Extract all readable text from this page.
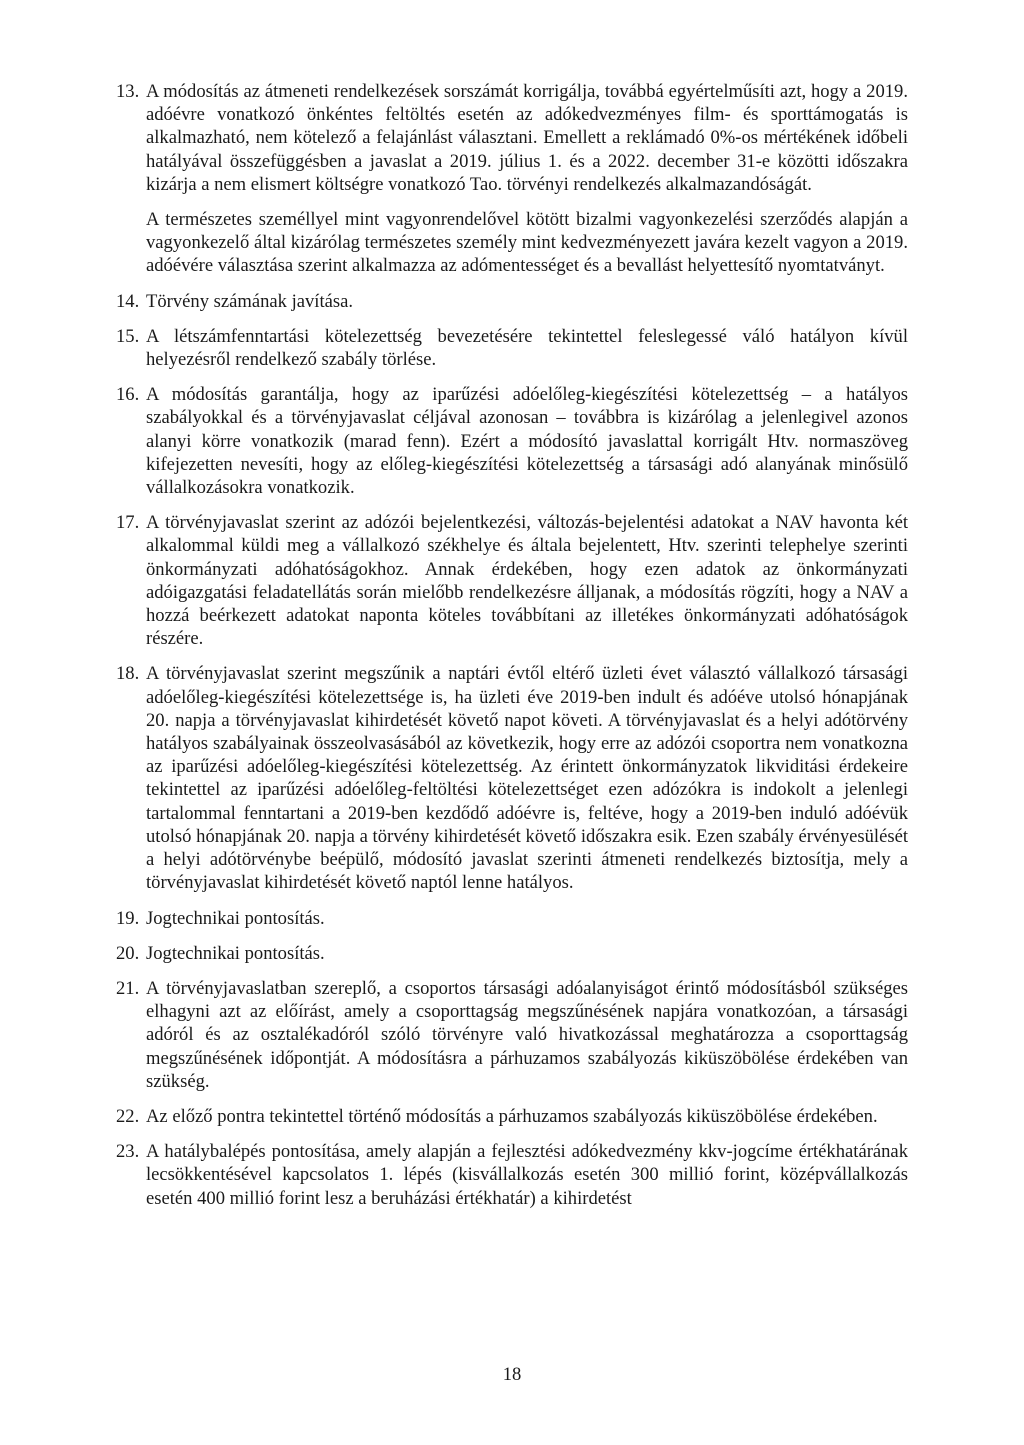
13. A módosítás az átmeneti rendelkezések sorszámát korrigálja, továbbá egyértelműsíti azt, hogy a 2019. adóévre vonatkozó önkéntes feltöltés esetén az adókedvezményes film- és sporttámogatás is alkalmazható, nem kötelező a felajánlást választani. Emellett a reklámadó 0%-os mértékének időbeli hatályával összefüggésben a javaslat a 2019. július 1. és a 2022. december 31-e közötti időszakra kizárja a nem elismert költségre vonatkozó Tao. törvényi rendelkezés alkalmazandóságát.
A természetes személlyel mint vagyonrendelővel kötött bizalmi vagyonkezelési szerződés alapján a vagyonkezelő által kizárólag természetes személy mint kedvezményezett javára kezelt vagyon a 2019. adóévére választása szerint alkalmazza az adómentességet és a bevallást helyettesítő nyomtatványt.
14. Törvény számának javítása.
15. A létszámfenntartási kötelezettség bevezetésére tekintettel feleslegessé váló hatályon kívül helyezésről rendelkező szabály törlése.
16. A módosítás garantálja, hogy az iparűzési adóelőleg-kiegészítési kötelezettség – a hatályos szabályokkal és a törvényjavaslat céljával azonosan – továbbra is kizárólag a jelenlegivel azonos alanyi körre vonatkozik (marad fenn). Ezért a módosító javaslattal korrigált Htv. normaszöveg kifejezetten nevesíti, hogy az előleg-kiegészítési kötelezettség a társasági adó alanyának minősülő vállalkozásokra vonatkozik.
17. A törvényjavaslat szerint az adózói bejelentkezési, változás-bejelentési adatokat a NAV havonta két alkalommal küldi meg a vállalkozó székhelye és általa bejelentett, Htv. szerinti telephelye szerinti önkormányzati adóhatóságokhoz. Annak érdekében, hogy ezen adatok az önkormányzati adóigazgatási feladatellátás során mielőbb rendelkezésre álljanak, a módosítás rögzíti, hogy a NAV a hozzá beérkezett adatokat naponta köteles továbbítani az illetékes önkormányzati adóhatóságok részére.
18. A törvényjavaslat szerint megszűnik a naptári évtől eltérő üzleti évet választó vállalkozó társasági adóelőleg-kiegészítési kötelezettsége is, ha üzleti éve 2019-ben indult és adóéve utolsó hónapjának 20. napja a törvényjavaslat kihirdetését követő napot követi. A törvényjavaslat és a helyi adótörvény hatályos szabályainak összeolvasásából az következik, hogy erre az adózói csoportra nem vonatkozna az iparűzési adóelőleg-kiegészítési kötelezettség. Az érintett önkormányzatok likviditási érdekeire tekintettel az iparűzési adóelőleg-feltöltési kötelezettséget ezen adózókra is indokolt a jelenlegi tartalommal fenntartani a 2019-ben kezdődő adóévre is, feltéve, hogy a 2019-ben induló adóévük utolsó hónapjának 20. napja a törvény kihirdetését követő időszakra esik. Ezen szabály érvényesülését a helyi adótörvénybe beépülő, módosító javaslat szerinti átmeneti rendelkezés biztosítja, mely a törvényjavaslat kihirdetését követő naptól lenne hatályos.
19. Jogtechnikai pontosítás.
20. Jogtechnikai pontosítás.
21. A törvényjavaslatban szereplő, a csoportos társasági adóalanyiságot érintő módosításból szükséges elhagyni azt az előírást, amely a csoporttagság megszűnésének napjára vonatkozóan, a társasági adóról és az osztalékadóról szóló törvényre való hivatkozással meghatározza a csoporttagság megszűnésének időpontját. A módosításra a párhuzamos szabályozás kiküszöbölése érdekében van szükség.
22. Az előző pontra tekintettel történő módosítás a párhuzamos szabályozás kiküszöbölése érdekében.
23. A hatálybalépés pontosítása, amely alapján a fejlesztési adókedvezmény kkv-jogcíme értékhatárának lecsökkentésével kapcsolatos 1. lépés (kisvállalkozás esetén 300 millió forint, középvállalkozás esetén 400 millió forint lesz a beruházási értékhatár) a kihirdetést
18
